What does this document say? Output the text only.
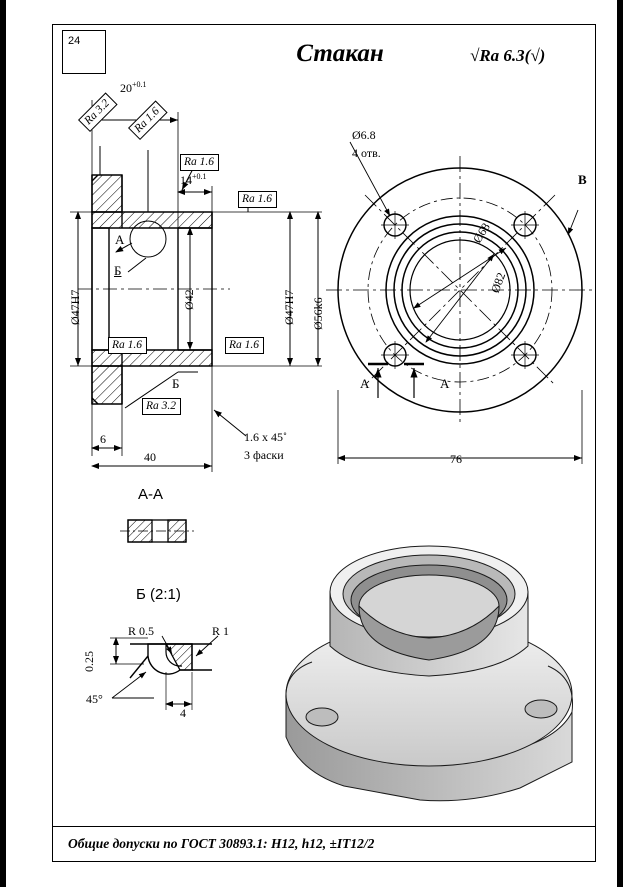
24	Стакан	√Ra 6.3(√)
Ra 3.2	Ra 1.6
Ra 1.6
Ra 1.6
Ra 1.6	Ra 1.6
Ra 3.2
$20^{+0.1}$
$14^{+0.1}$
Ø47H7	Ø42	Ø47H7 Ø56k6
6
40
1.6 x 45˚
3 фаски
А
Б
Б
Ø6.8
4 отв.
Ø68
Ø82
B
А	А
76
А-А
Б (2:1)
0.25
R 0.5	R 1
45°
4
Общие допуски по ГОСТ 30893.1: H12, h12, ±IT12/2
